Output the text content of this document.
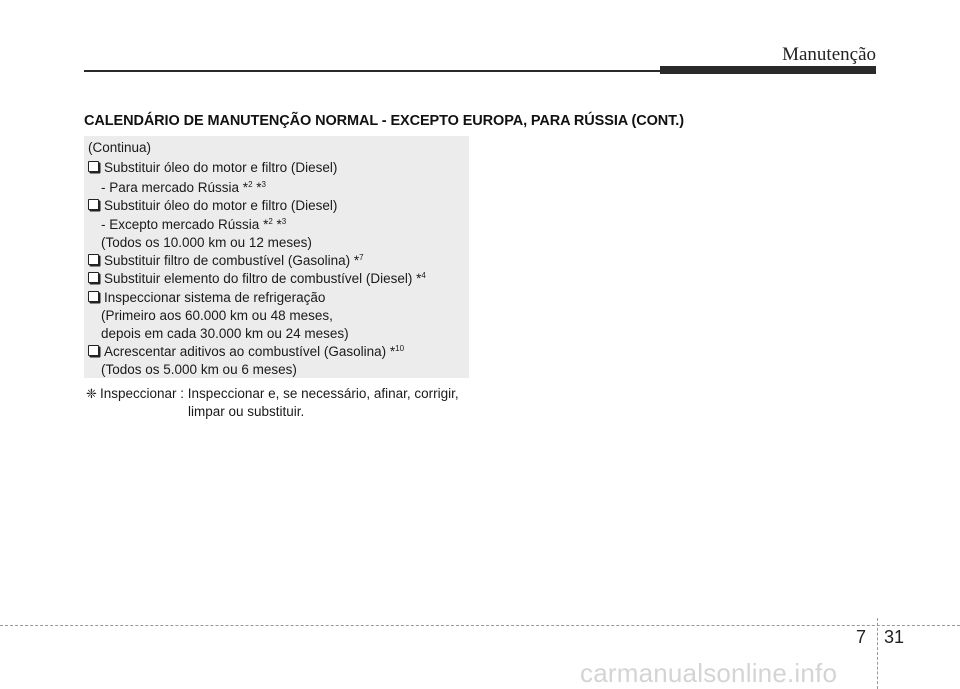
Manutenção
CALENDÁRIO DE MANUTENÇÃO NORMAL - EXCEPTO EUROPA, PARA RÚSSIA (CONT.)
(Continua)
Substituir óleo do motor e filtro (Diesel)
- Para mercado Rússia *$^2$ *$^3$
Substituir óleo do motor e filtro (Diesel)
- Excepto mercado Rússia *$^2$ *$^3$
(Todos os 10.000 km ou 12 meses)
Substituir filtro de combustível (Gasolina) *$^7$
Substituir elemento do filtro de combustível (Diesel) *$^4$
Inspeccionar sistema de refrigeração
(Primeiro aos 60.000 km ou 48 meses,
depois em cada 30.000 km ou 24 meses)
Acrescentar aditivos ao combustível (Gasolina) *$^{10}$
(Todos os 5.000 km ou 6 meses)
❈ Inspeccionar : Inspeccionar e, se necessário, afinar, corrigir,
limpar ou substituir.
7 31
carmanualsonline.info
